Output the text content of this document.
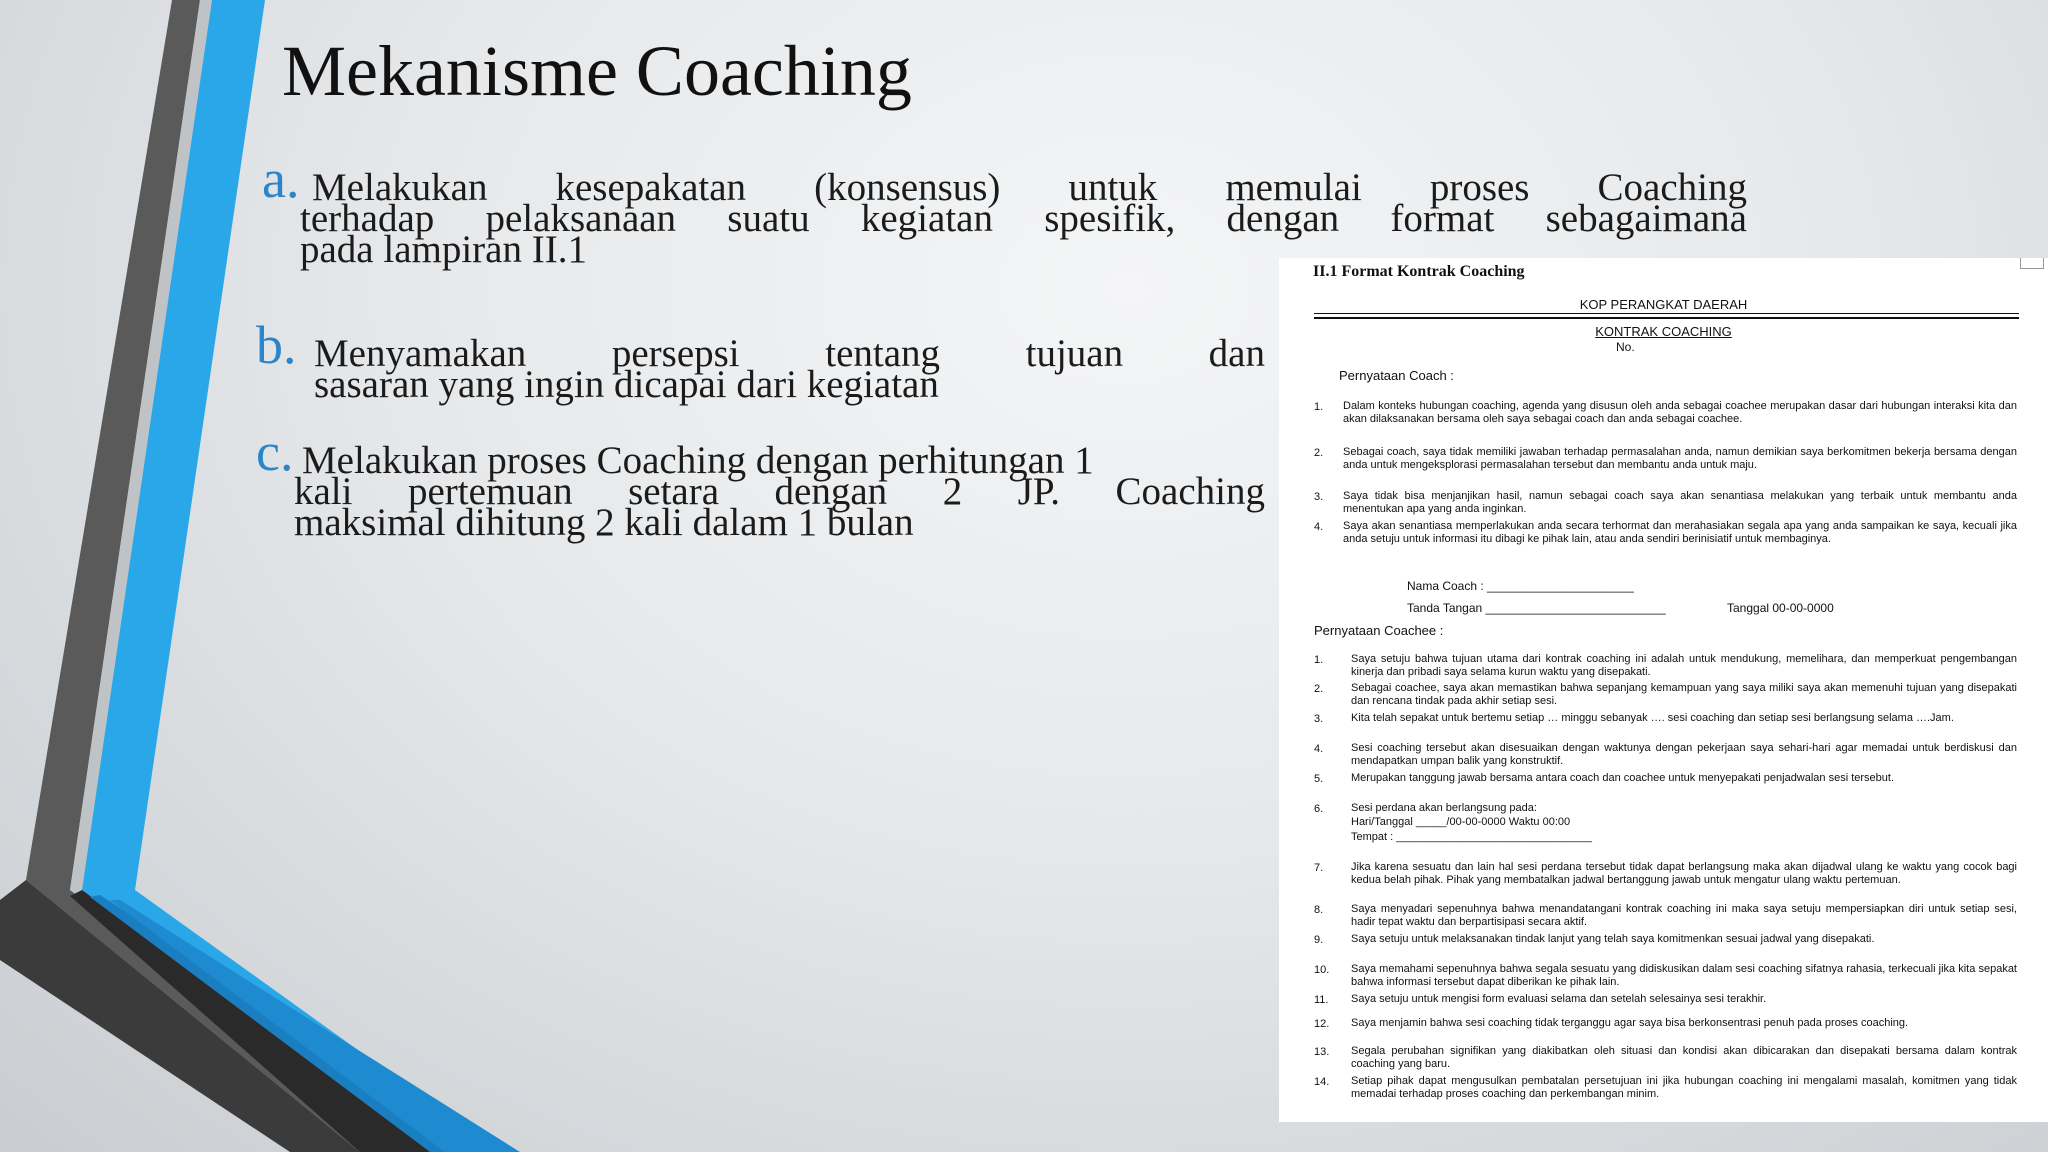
Mekanisme Coaching
a. Melakukan kesepakatan (konsensus) untuk memulai proses Coaching
terhadap pelaksanaan suatu kegiatan spesifik, dengan format sebagaimana
pada lampiran II.1
b. Menyamakan persepsi tentang tujuan dan
sasaran yang ingin dicapai dari kegiatan
c. Melakukan proses Coaching dengan perhitungan 1
kali pertemuan setara dengan 2 JP. Coaching
maksimal dihitung 2 kali dalam 1 bulan
II.1 Format Kontrak Coaching
KOP PERANGKAT DAERAH
KONTRAK COACHING
No.
Pernyataan Coach :
1.	Dalam konteks hubungan coaching, agenda yang disusun oleh anda sebagai coachee merupakan dasar dari hubungan interaksi kita dan akan dilaksanakan bersama oleh saya sebagai coach dan anda sebagai coachee.
2.	Sebagai coach, saya tidak memiliki jawaban terhadap permasalahan anda, namun demikian saya berkomitmen bekerja bersama dengan anda untuk mengeksplorasi permasalahan tersebut dan membantu anda untuk maju.
3.	Saya tidak bisa menjanjikan hasil, namun sebagai coach saya akan senantiasa melakukan yang terbaik untuk membantu anda menentukan apa yang anda inginkan.
4.	Saya akan senantiasa memperlakukan anda secara terhormat dan merahasiakan segala apa yang anda sampaikan ke saya, kecuali jika anda setuju untuk informasi itu dibagi ke pihak lain, atau anda sendiri berinisiatif untuk membaginya.
Nama Coach : ______________________
Tanda Tangan ___________________________	Tanggal 00-00-0000
Pernyataan Coachee :
1.	Saya setuju bahwa tujuan utama dari kontrak coaching ini adalah untuk mendukung, memelihara, dan memperkuat pengembangan kinerja dan pribadi saya selama kurun waktu yang disepakati.
2.	Sebagai coachee, saya akan memastikan bahwa sepanjang kemampuan yang saya miliki saya akan memenuhi tujuan yang disepakati dan rencana tindak pada akhir setiap sesi.
3.	Kita telah sepakat untuk bertemu setiap … minggu sebanyak …. sesi coaching dan setiap sesi berlangsung selama ….Jam.
4.	Sesi coaching tersebut akan disesuaikan dengan waktunya dengan pekerjaan saya sehari-hari agar memadai untuk berdiskusi dan mendapatkan umpan balik yang konstruktif.
5.	Merupakan tanggung jawab bersama antara coach dan coachee untuk menyepakati penjadwalan sesi tersebut.
6.	Sesi perdana akan berlangsung pada:
Hari/Tanggal _____/00-00-0000 Waktu 00:00
Tempat : ________________________________
7.	Jika karena sesuatu dan lain hal sesi perdana tersebut tidak dapat berlangsung maka akan dijadwal ulang ke waktu yang cocok bagi kedua belah pihak. Pihak yang membatalkan jadwal bertanggung jawab untuk mengatur ulang waktu pertemuan.
8.	Saya menyadari sepenuhnya bahwa menandatangani kontrak coaching ini maka saya setuju mempersiapkan diri untuk setiap sesi, hadir tepat waktu dan berpartisipasi secara aktif.
9.	Saya setuju untuk melaksanakan tindak lanjut yang telah saya komitmenkan sesuai jadwal yang disepakati.
10.	Saya memahami sepenuhnya bahwa segala sesuatu yang didiskusikan dalam sesi coaching sifatnya rahasia, terkecuali jika kita sepakat bahwa informasi tersebut dapat diberikan ke pihak lain.
11.	Saya setuju untuk mengisi form evaluasi selama dan setelah selesainya sesi terakhir.
12.	Saya menjamin bahwa sesi coaching tidak terganggu agar saya bisa berkonsentrasi penuh pada proses coaching.
13.	Segala perubahan signifikan yang diakibatkan oleh situasi dan kondisi akan dibicarakan dan disepakati bersama dalam kontrak coaching yang baru.
14.	Setiap pihak dapat mengusulkan pembatalan persetujuan ini jika hubungan coaching ini mengalami masalah, komitmen yang tidak memadai terhadap proses coaching dan perkembangan minim.
